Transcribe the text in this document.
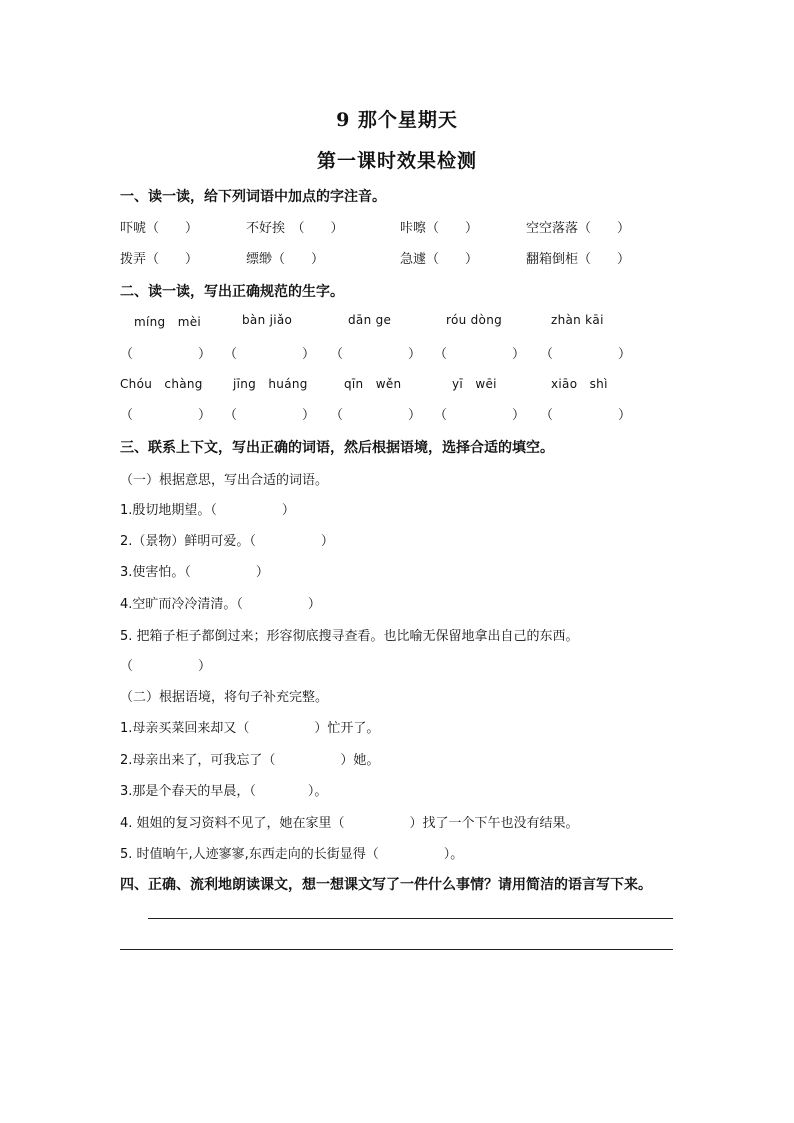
9 那个星期天
第一课时效果检测
一、读一读，给下列词语中加点的字注音。
吓唬（　　）	不好挨　（　　）	咔嚓（　　）	空空落落（　　）
拨弄（　　）	缥缈（　　）	急遽（　　）	翻箱倒柜（　　）
二、读一读，写出正确规范的生字。
míng　mèi	bàn jiǎo	dān ge	róu dòng	zhàn kāi
（　　　　　） （　　　　　） （　　　　　） （　　　　　） （　　　　　）
Chóu　chàng	jīng　huáng	qīn　wěn	yī　wēi	xiāo　shì
（　　　　　） （　　　　　） （　　　　　） （　　　　　） （　　　　　）
三、联系上下文，写出正确的词语，然后根据语境，选择合适的填空。
（一）根据意思，写出合适的词语。
1.殷切地期望。（　　　　　）
2.（景物）鲜明可爱。（　　　　　）
3.使害怕。（　　　　　）
4.空旷而冷冷清清。（　　　　　）
5. 把箱子柜子都倒过来；形容彻底搜寻查看。也比喻无保留地拿出自己的东西。
（　　　　　）
（二）根据语境，将句子补充完整。
1.母亲买菜回来却又（　　　　　）忙开了。
2.母亲出来了，可我忘了（　　　　　）她。
3.那是个春天的早晨，（　　　　）。
4. 姐姐的复习资料不见了，她在家里（　　　　　）找了一个下午也没有结果。
5. 时值晌午,人迹寥寥,东西走向的长街显得（　　　　　）。
四、正确、流利地朗读课文，想一想课文写了一件什么事情？请用简洁的语言写下来。
